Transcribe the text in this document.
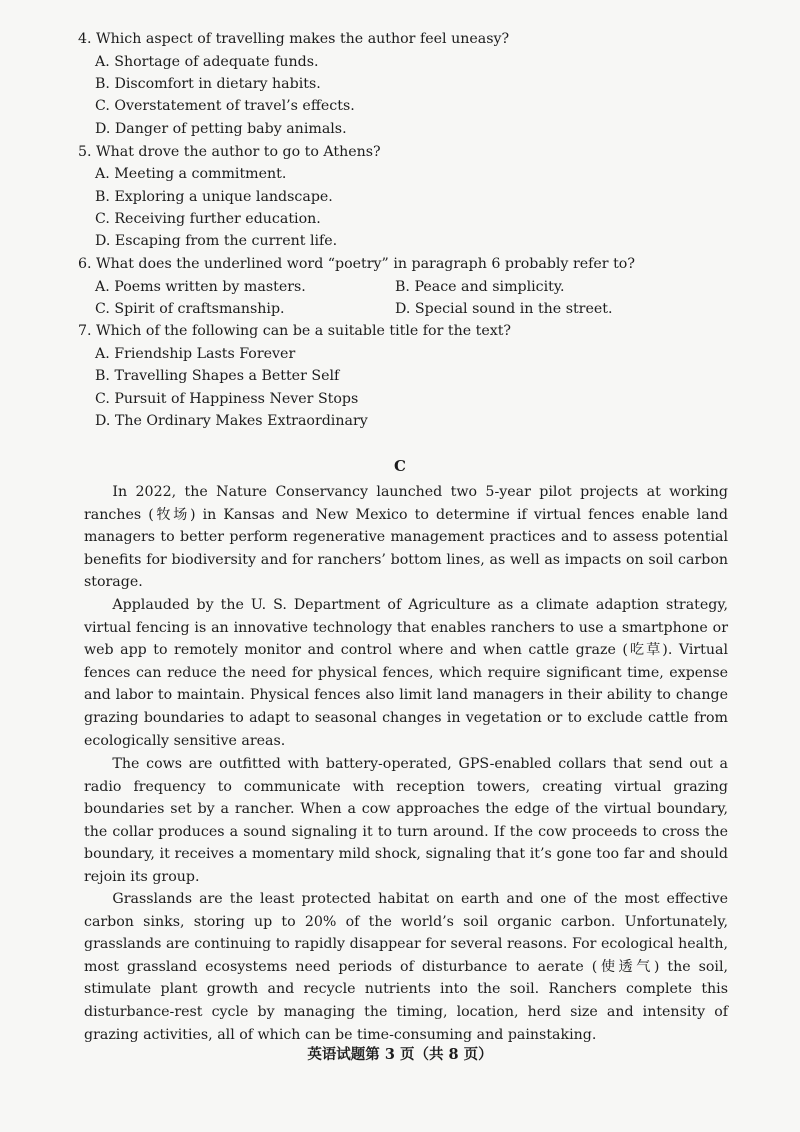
4. Which aspect of travelling makes the author feel uneasy?
A. Shortage of adequate funds.
B. Discomfort in dietary habits.
C. Overstatement of travel’s effects.
D. Danger of petting baby animals.
5. What drove the author to go to Athens?
A. Meeting a commitment.
B. Exploring a unique landscape.
C. Receiving further education.
D. Escaping from the current life.
6. What does the underlined word “poetry” in paragraph 6 probably refer to?
A. Poems written by masters.	B. Peace and simplicity.
C. Spirit of craftsmanship.	D. Special sound in the street.
7. Which of the following can be a suitable title for the text?
A. Friendship Lasts Forever
B. Travelling Shapes a Better Self
C. Pursuit of Happiness Never Stops
D. The Ordinary Makes Extraordinary
C
In 2022, the Nature Conservancy launched two 5-year pilot projects at working ranches (牧场) in Kansas and New Mexico to determine if virtual fences enable land managers to better perform regenerative management practices and to assess potential benefits for biodiversity and for ranchers’ bottom lines, as well as impacts on soil carbon storage.
Applauded by the U. S. Department of Agriculture as a climate adaption strategy, virtual fencing is an innovative technology that enables ranchers to use a smartphone or web app to remotely monitor and control where and when cattle graze (吃草). Virtual fences can reduce the need for physical fences, which require significant time, expense and labor to maintain. Physical fences also limit land managers in their ability to change grazing boundaries to adapt to seasonal changes in vegetation or to exclude cattle from ecologically sensitive areas.
The cows are outfitted with battery-operated, GPS-enabled collars that send out a radio frequency to communicate with reception towers, creating virtual grazing boundaries set by a rancher. When a cow approaches the edge of the virtual boundary, the collar produces a sound signaling it to turn around. If the cow proceeds to cross the boundary, it receives a momentary mild shock, signaling that it’s gone too far and should rejoin its group.
Grasslands are the least protected habitat on earth and one of the most effective carbon sinks, storing up to 20% of the world’s soil organic carbon. Unfortunately, grasslands are continuing to rapidly disappear for several reasons. For ecological health, most grassland ecosystems need periods of disturbance to aerate (使透气) the soil, stimulate plant growth and recycle nutrients into the soil. Ranchers complete this disturbance-rest cycle by managing the timing, location, herd size and intensity of grazing activities, all of which can be time-consuming and painstaking.
英语试题第 3 页（共 8 页）
